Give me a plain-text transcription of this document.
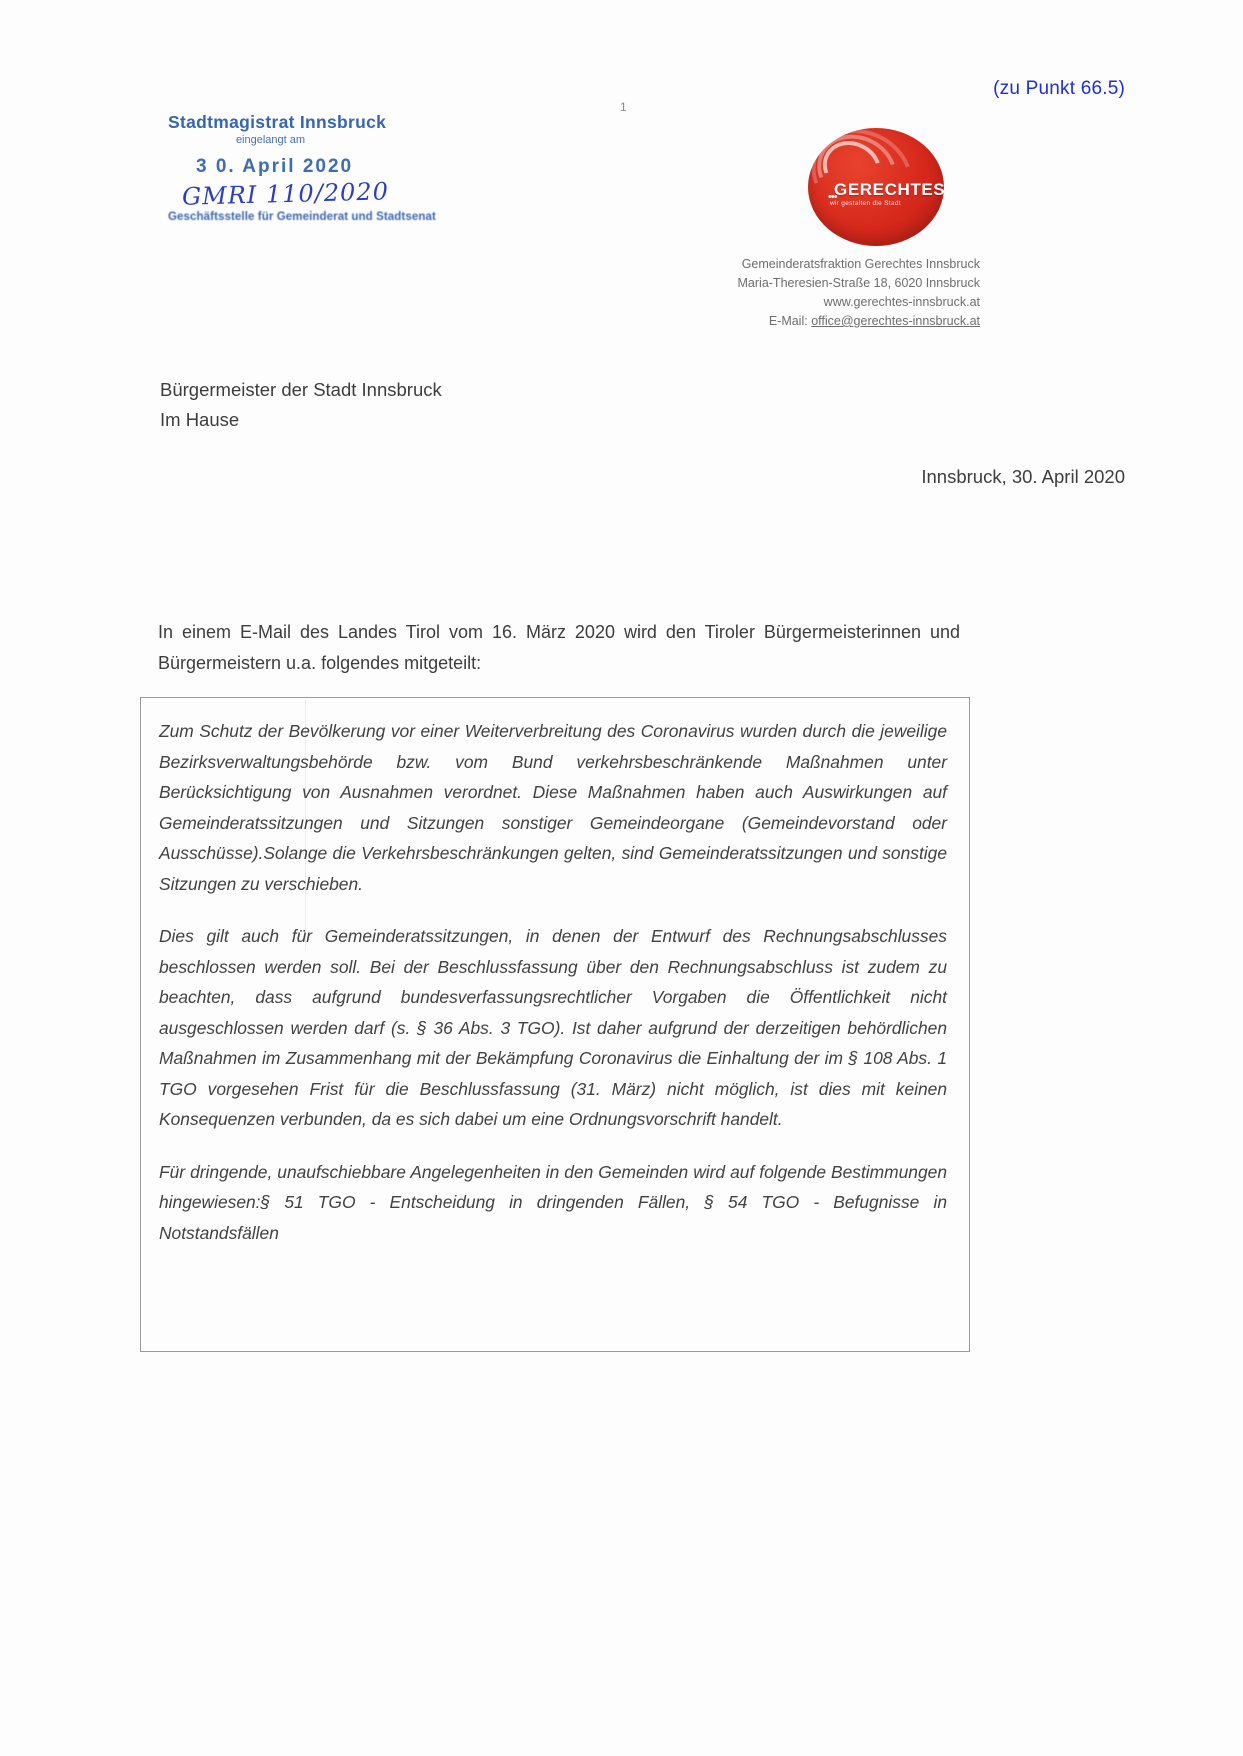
(zu Punkt 66.5)
1
Stadtmagistrat Innsbruck
eingelangt am
3 0. April 2020
GMRI 110/2020
Geschäftsstelle für Gemeinderat und Stadtsenat
•••
GERECHTES
wir gestalten die Stadt
Gemeinderatsfraktion Gerechtes Innsbruck
Maria-Theresien-Straße 18, 6020 Innsbruck
www.gerechtes-innsbruck.at
E-Mail: office@gerechtes-innsbruck.at
Bürgermeister der Stadt Innsbruck
Im Hause
Innsbruck, 30. April 2020
In einem E-Mail des Landes Tirol vom 16. März 2020 wird den Tiroler Bürgermeisterinnen und Bürgermeistern u.a. folgendes mitgeteilt:

Zum Schutz der Bevölkerung vor einer Weiterverbreitung des Coronavirus wurden durch die jeweilige Bezirksverwaltungsbehörde bzw. vom Bund verkehrsbeschränkende Maßnahmen unter Berücksichtigung von Ausnahmen verordnet. Diese Maßnahmen haben auch Auswirkungen auf Gemeinderatssitzungen und Sitzungen sonstiger Gemeindeorgane (Gemeindevorstand oder Ausschüsse).Solange die Verkehrsbeschränkungen gelten, sind Gemeinderatssitzungen und sonstige Sitzungen zu verschieben.

Dies gilt auch für Gemeinderatssitzungen, in denen der Entwurf des Rechnungsabschlusses beschlossen werden soll. Bei der Beschlussfassung über den Rechnungsabschluss ist zudem zu beachten, dass aufgrund bundesverfassungsrechtlicher Vorgaben die Öffentlichkeit nicht ausgeschlossen werden darf (s. § 36 Abs. 3 TGO). Ist daher aufgrund der derzeitigen behördlichen Maßnahmen im Zusammenhang mit der Bekämpfung Coronavirus die Einhaltung der im § 108 Abs. 1 TGO vorgesehen Frist für die Beschlussfassung (31. März) nicht möglich, ist dies mit keinen Konsequenzen verbunden, da es sich dabei um eine Ordnungsvorschrift handelt.

Für dringende, unaufschiebbare Angelegenheiten in den Gemeinden wird auf folgende Bestimmungen hingewiesen:§ 51 TGO - Entscheidung in dringenden Fällen, § 54 TGO - Befugnisse in Notstandsfällen
